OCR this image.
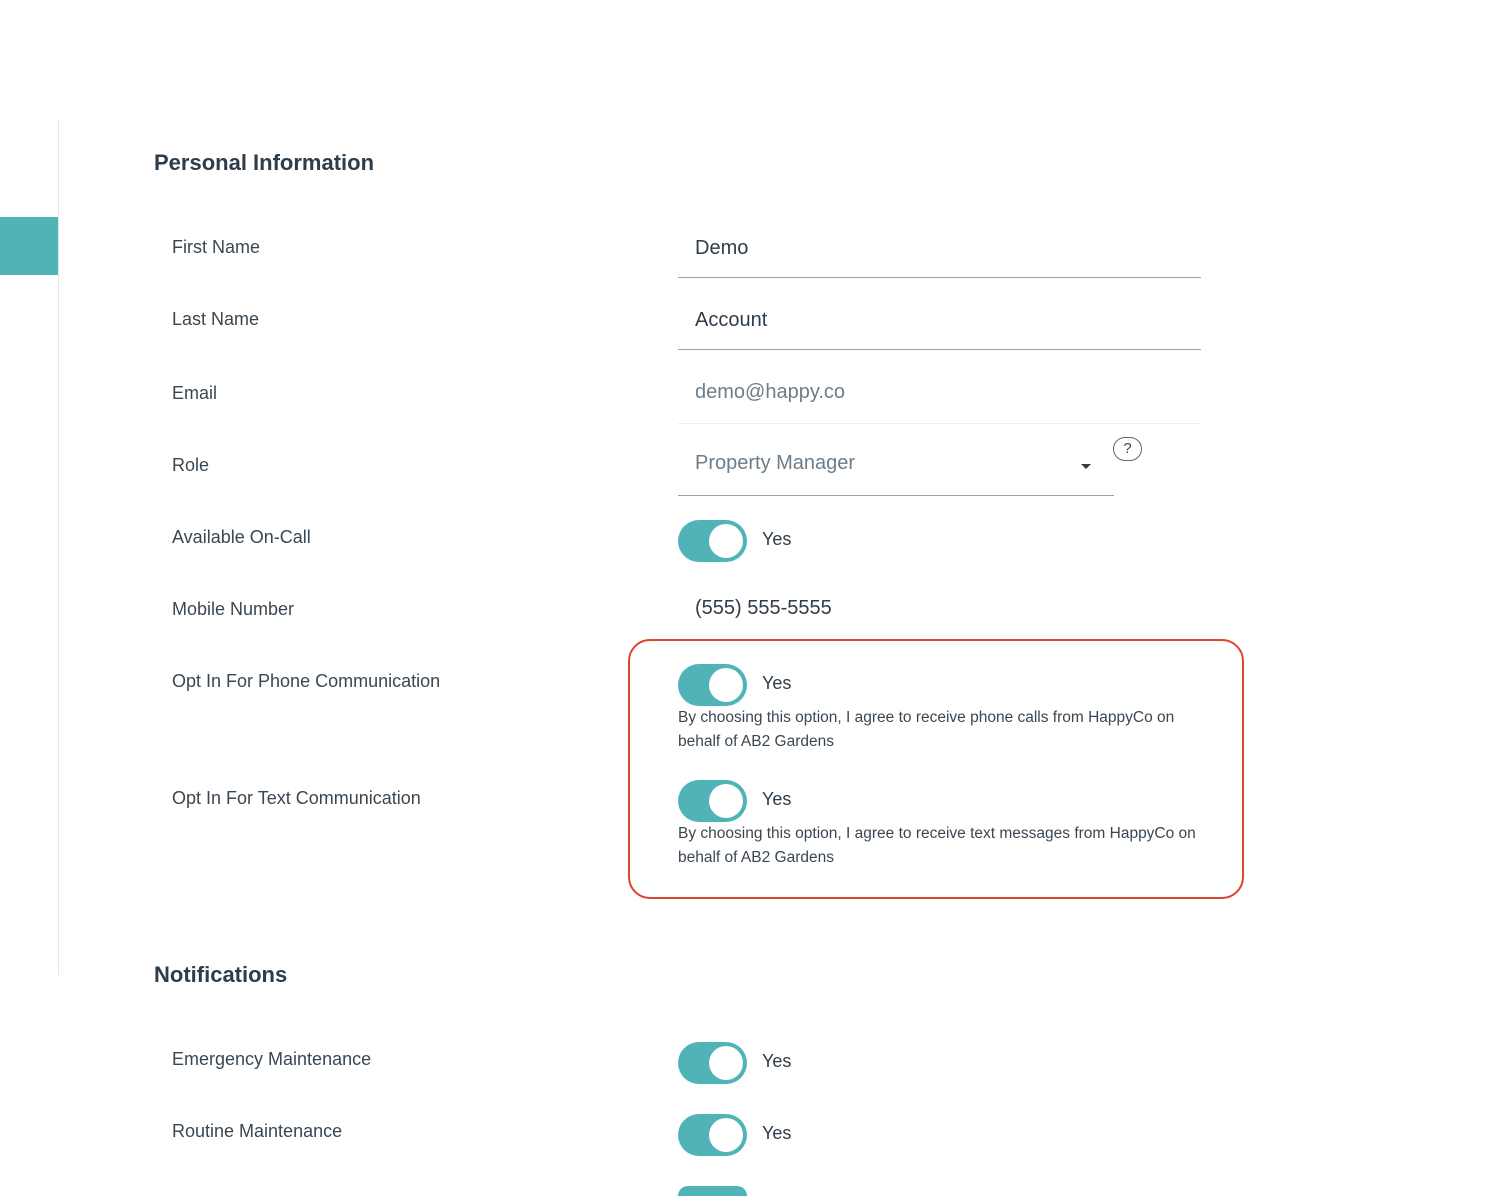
Personal Information
First Name	Demo
Last Name	Account
Email	demo@happy.co
Role	Property Manager
?
Available On-Call	Yes
Mobile Number	(555) 555-5555
Opt In For Phone Communication	Yes
By choosing this option, I agree to receive phone calls from HappyCo on behalf of AB2 Gardens
Opt In For Text Communication	Yes
By choosing this option, I agree to receive text messages from HappyCo on behalf of AB2 Gardens
Notifications
Emergency Maintenance	Yes
Routine Maintenance	Yes
